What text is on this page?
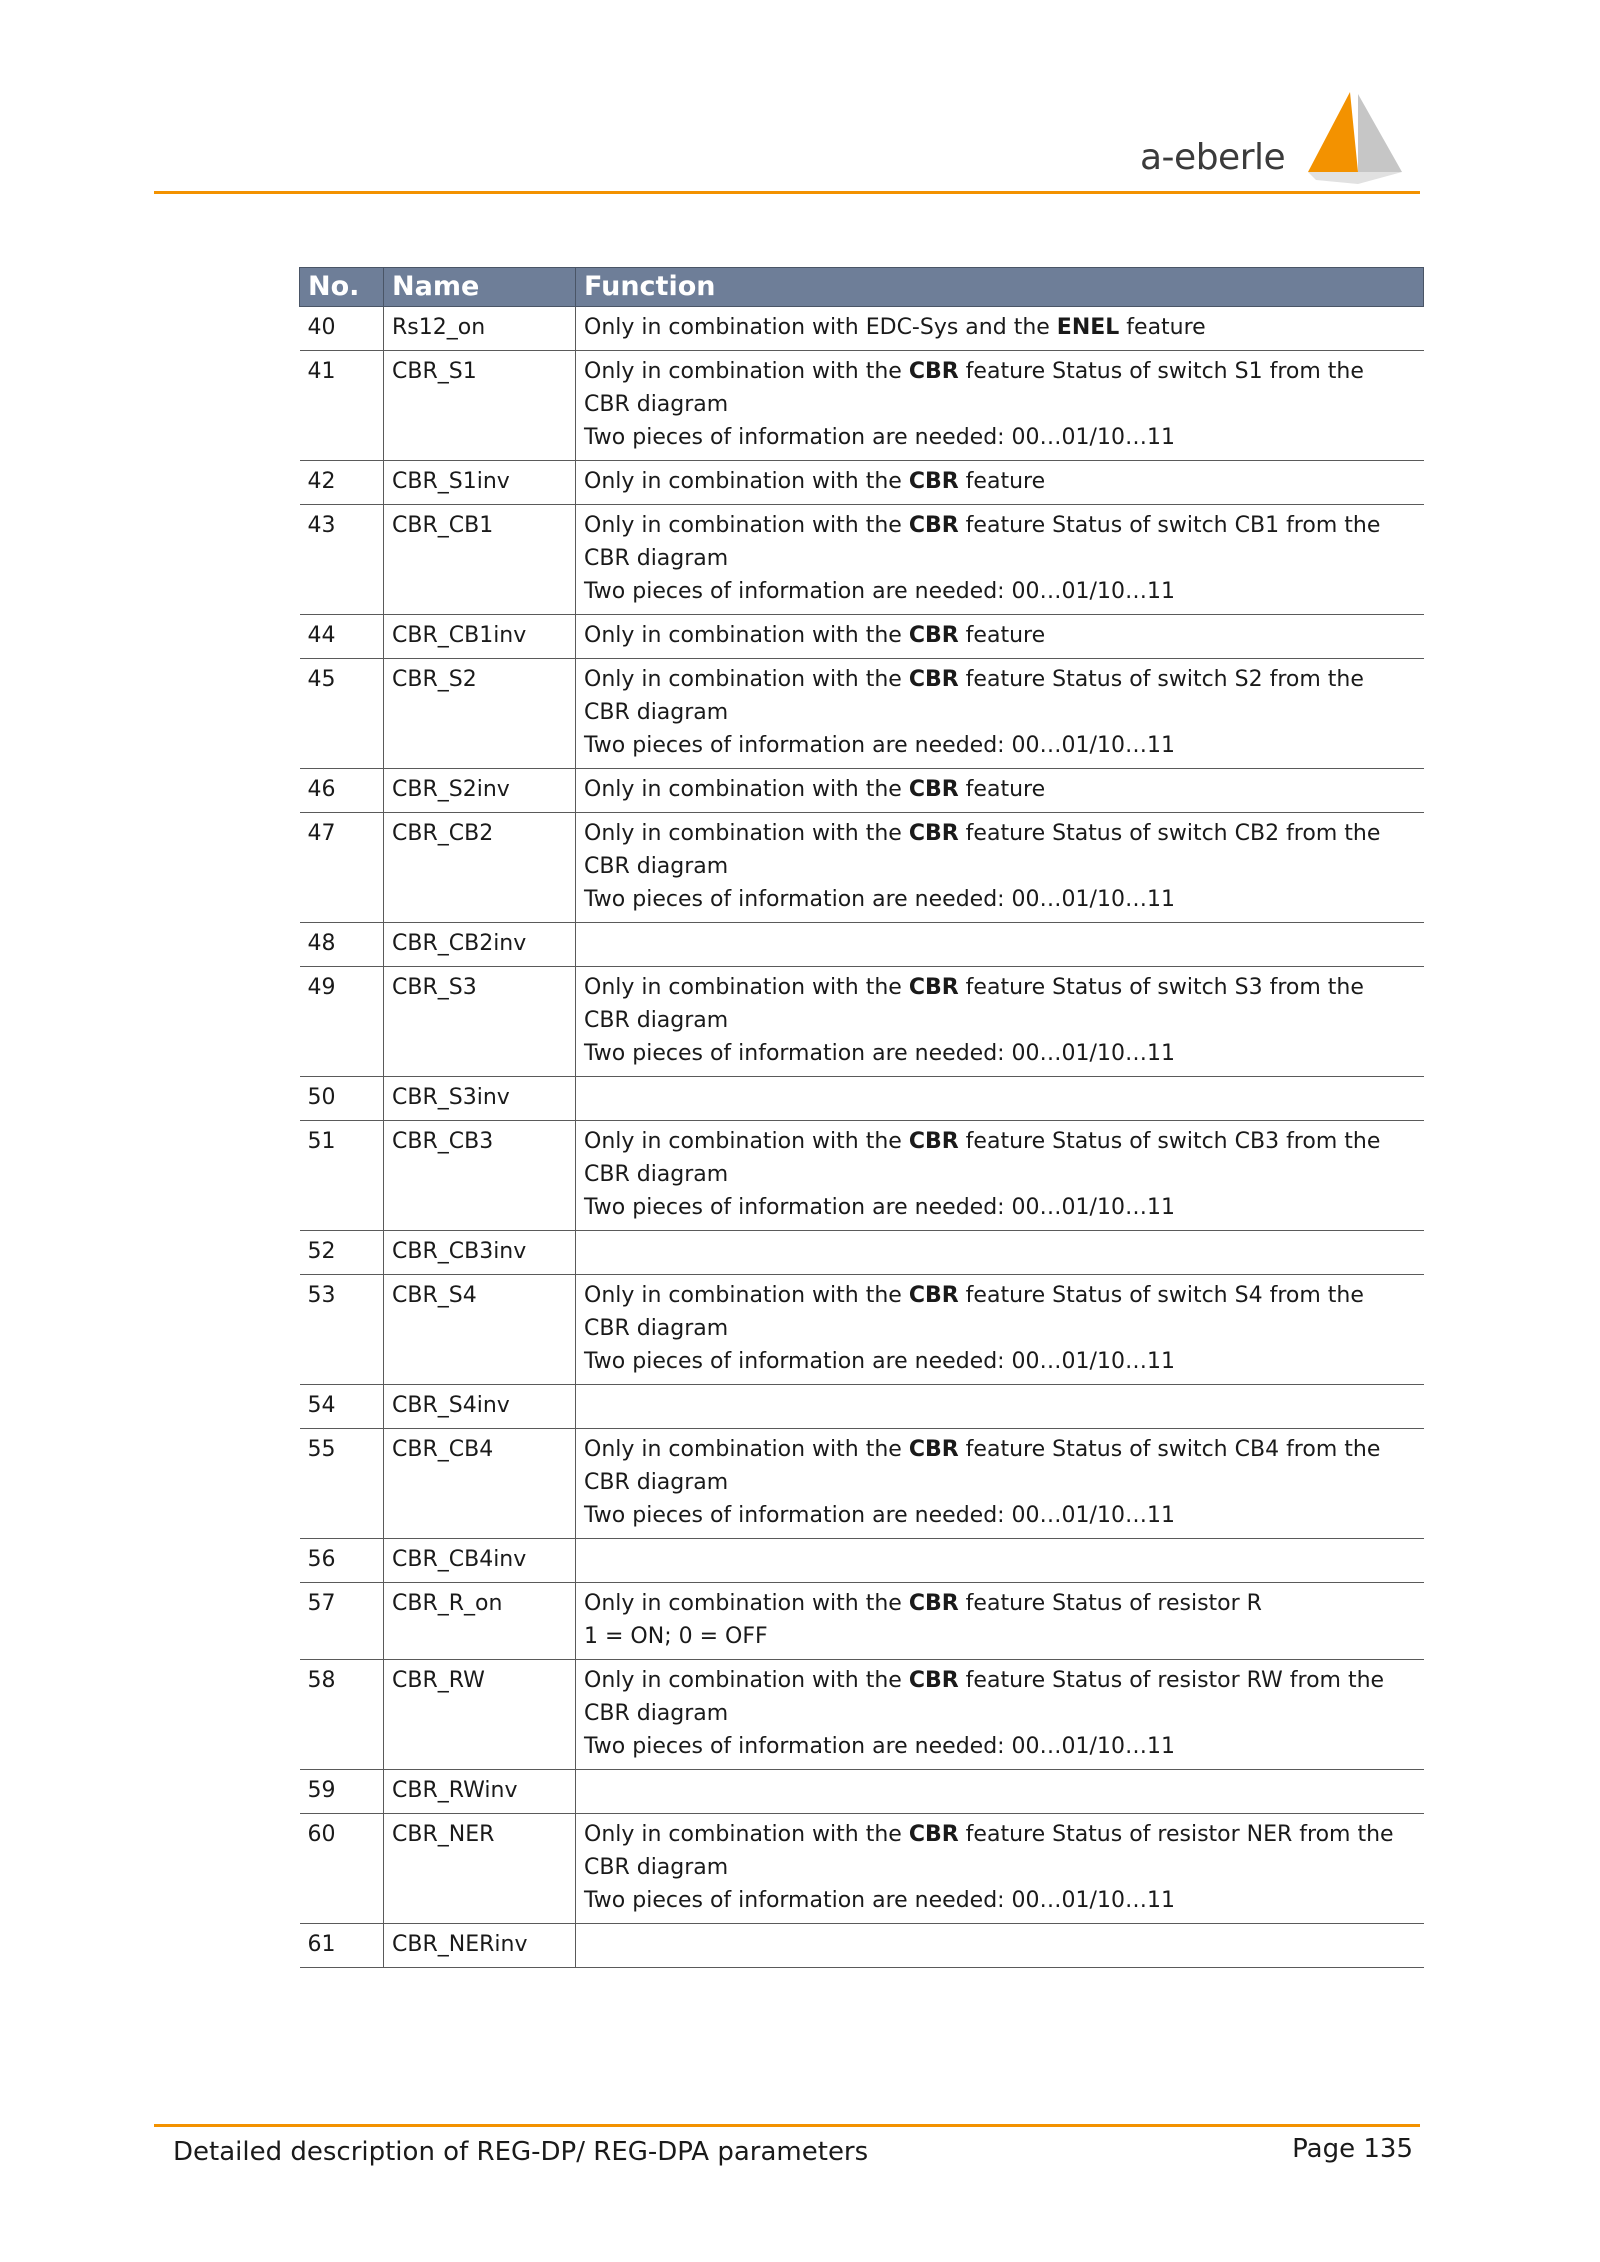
a-eberle
No.	Name	Function
40	Rs12_on	Only in combination with EDC-Sys and the ENEL feature

41	CBR_S1	Only in combination with the CBR feature Status of switch S1 from the CBR diagram
Two pieces of information are needed: 00…01/10…11

42	CBR_S1inv	Only in combination with the CBR feature

43	CBR_CB1	Only in combination with the CBR feature Status of switch CB1 from the CBR diagram
Two pieces of information are needed: 00…01/10…11

44	CBR_CB1inv	Only in combination with the CBR feature

45	CBR_S2	Only in combination with the CBR feature Status of switch S2 from the CBR diagram
Two pieces of information are needed: 00…01/10…11

46	CBR_S2inv	Only in combination with the CBR feature

47	CBR_CB2	Only in combination with the CBR feature Status of switch CB2 from the CBR diagram
Two pieces of information are needed: 00…01/10…11

48	CBR_CB2inv	
49	CBR_S3	Only in combination with the CBR feature Status of switch S3 from the CBR diagram
Two pieces of information are needed: 00…01/10…11

50	CBR_S3inv	
51	CBR_CB3	Only in combination with the CBR feature Status of switch CB3 from the CBR diagram
Two pieces of information are needed: 00…01/10…11

52	CBR_CB3inv	
53	CBR_S4	Only in combination with the CBR feature Status of switch S4 from the CBR diagram
Two pieces of information are needed: 00…01/10…11

54	CBR_S4inv	
55	CBR_CB4	Only in combination with the CBR feature Status of switch CB4 from the CBR diagram
Two pieces of information are needed: 00…01/10…11

56	CBR_CB4inv	
57	CBR_R_on	Only in combination with the CBR feature Status of resistor R
1 = ON; 0 = OFF

58	CBR_RW	Only in combination with the CBR feature Status of resistor RW from the CBR diagram
Two pieces of information are needed: 00…01/10…11

59	CBR_RWinv	
60	CBR_NER	Only in combination with the CBR feature Status of resistor NER from the CBR diagram
Two pieces of information are needed: 00…01/10…11

61	CBR_NERinv	
Detailed description of REG-DP/ REG-DPA parameters	Page 135
